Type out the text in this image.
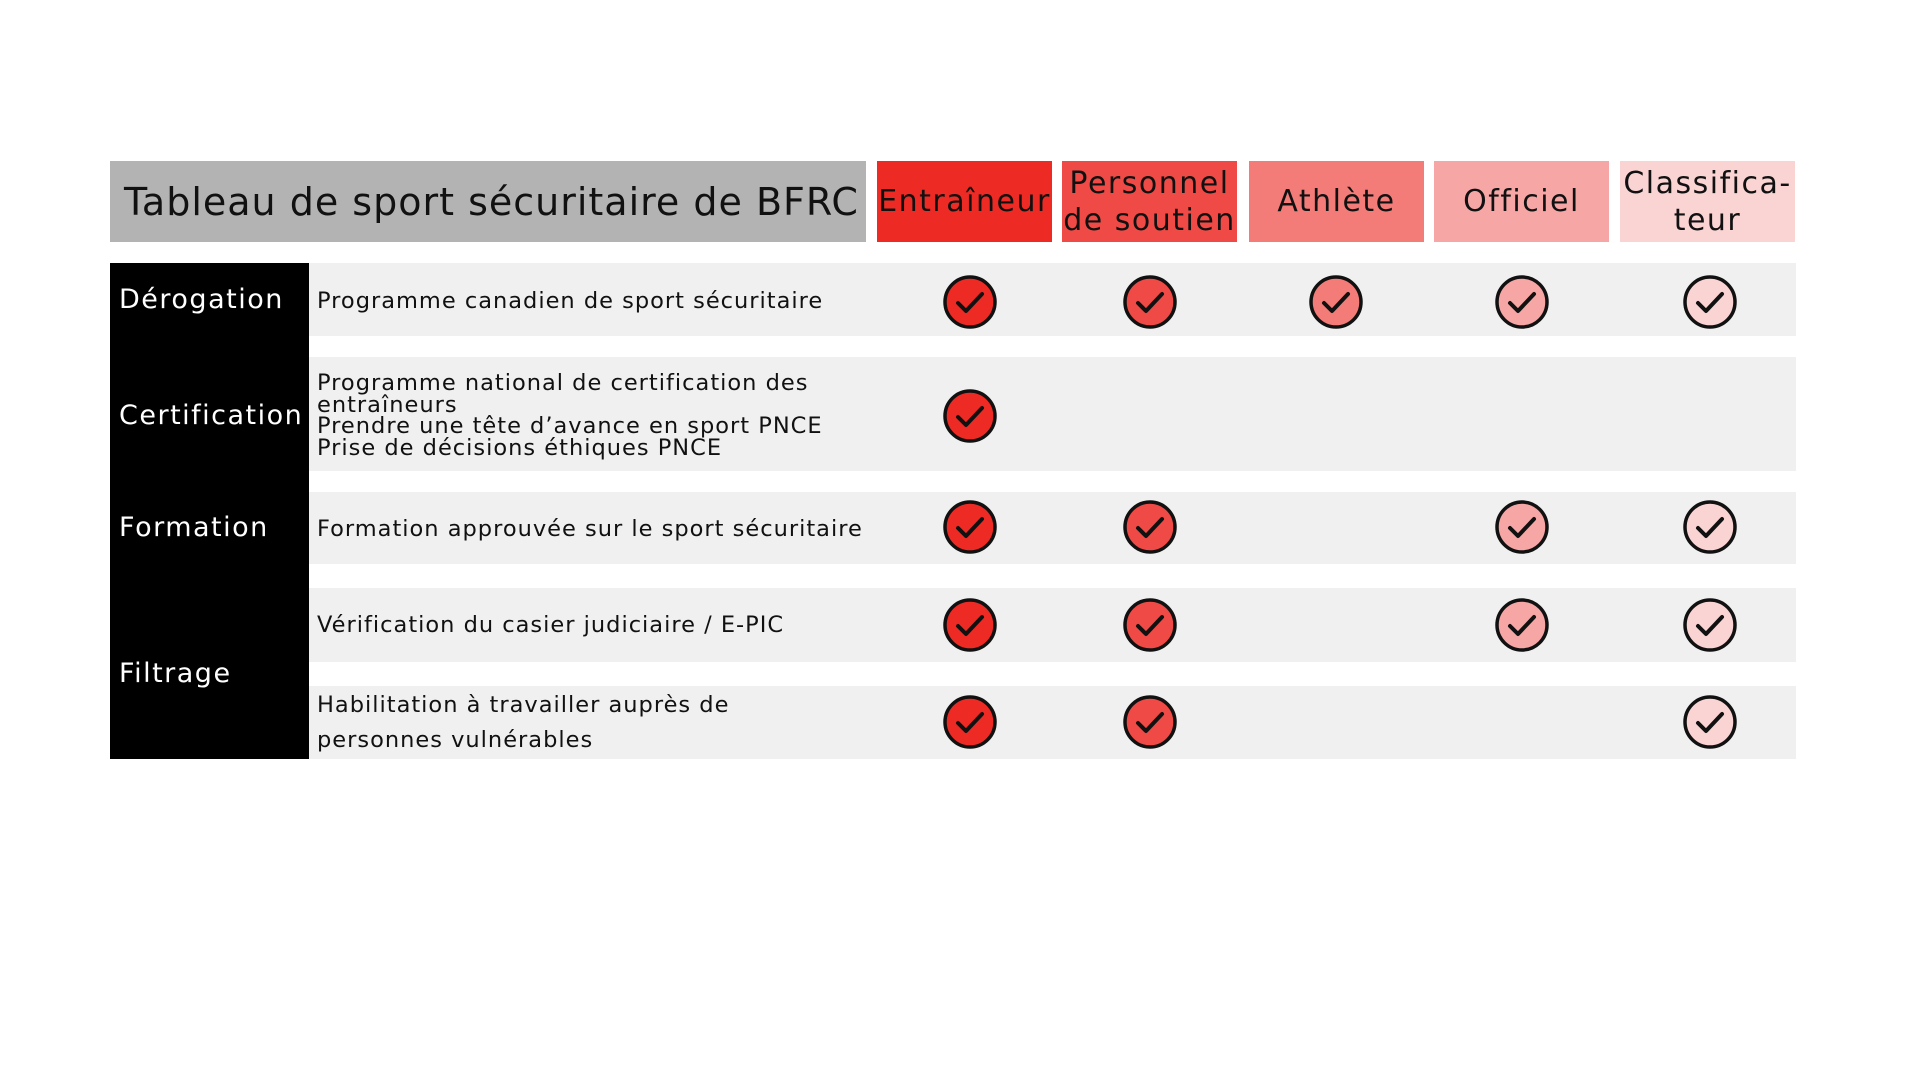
Tableau de sport sécuritaire de BFRC Entraîneur
Personnel
de soutien
Athlète Officiel
Classifica-
teur
Dérogation
Certification
Formation
Filtrage
Programme canadien de sport sécuritaire
Programme national de certification des
entraîneurs
Prendre une tête d’avance en sport PNCE
Prise de décisions éthiques PNCE
Formation approuvée sur le sport sécuritaire
Vérification du casier judiciaire / E-PIC
Habilitation à travailler auprès de
personnes vulnérables
